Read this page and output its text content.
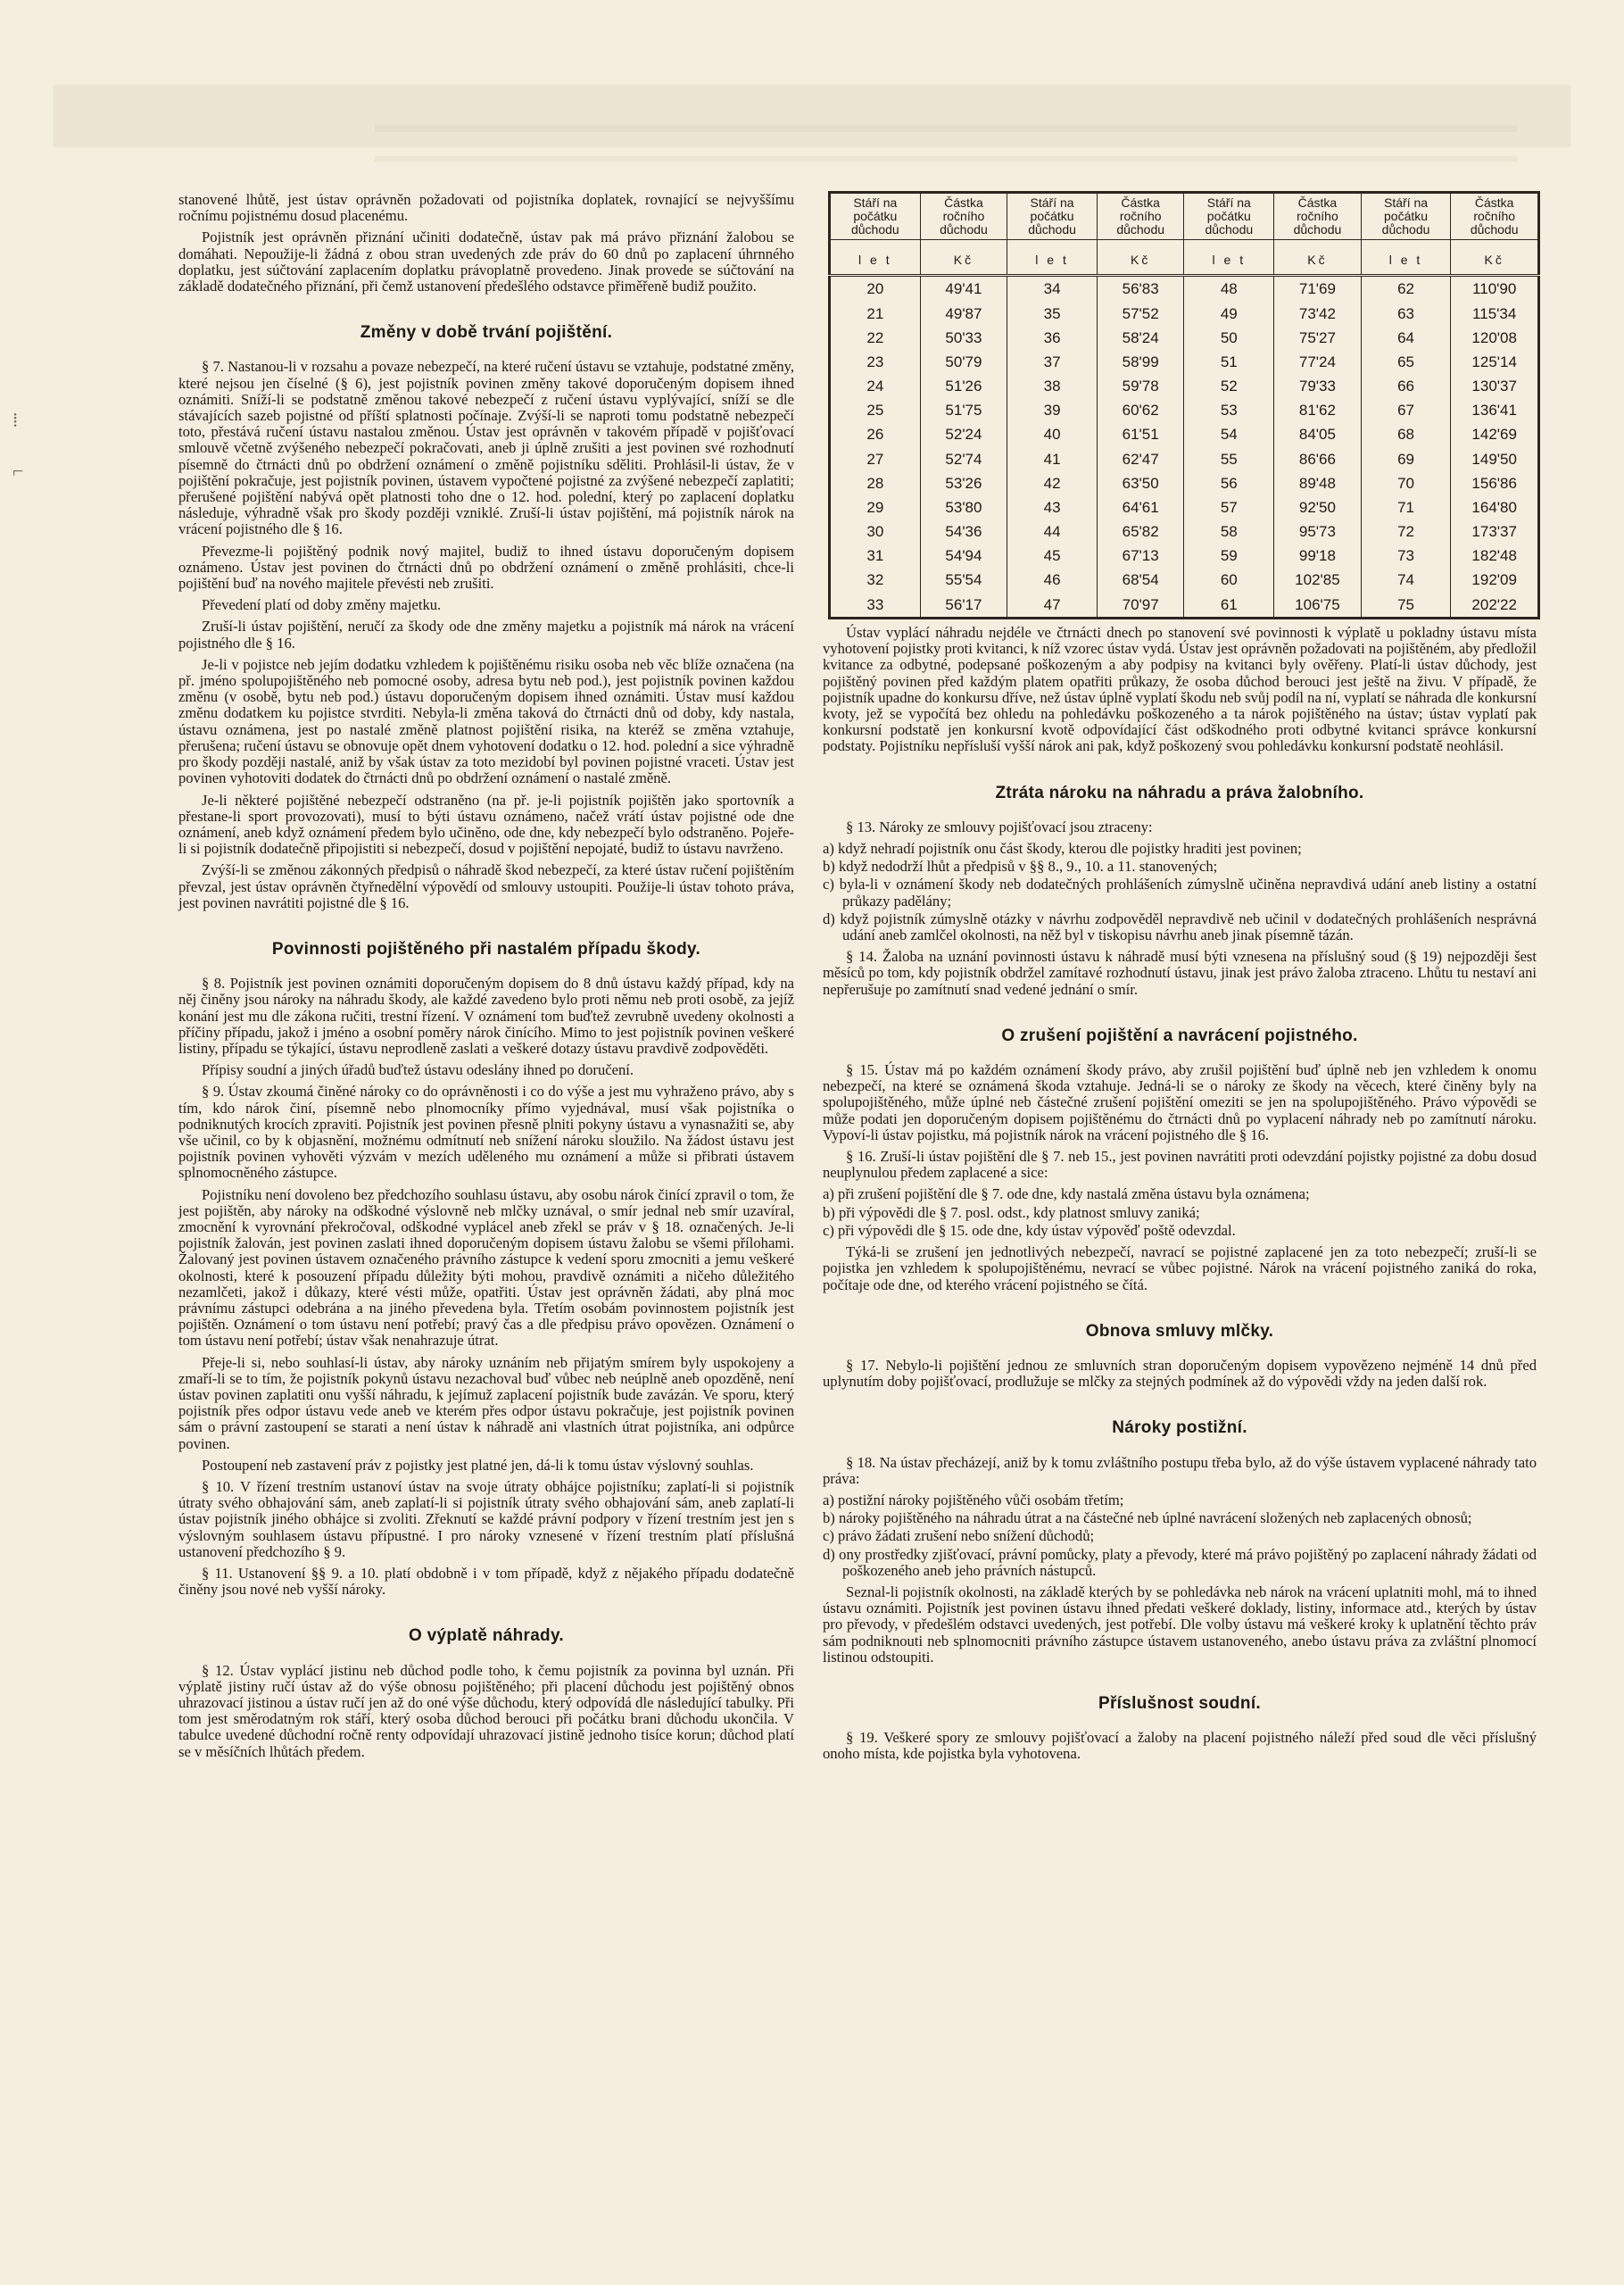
⁞
⌐

stanovené lhůtě, jest ústav oprávněn požadovati od pojistníka doplatek, rovnající se nejvyššímu ročnímu pojistnému dosud placenému.

Pojistník jest oprávněn přiznání učiniti dodatečně, ústav pak má právo přiznání žalobou se domáhati. Nepoužije-li žádná z obou stran uvedených zde práv do 60 dnů po zaplacení úhrnného doplatku, jest súčtování zaplacením doplatku právoplatně provedeno. Jinak provede se súčtování na základě dodatečného přiznání, při čemž ustanovení předešlého odstavce přiměřeně budiž použito.

Změny v době trvání pojištění.

§ 7. Nastanou-li v rozsahu a povaze nebezpečí, na které ručení ústavu se vztahuje, podstatné změny, které nejsou jen číselné (§ 6), jest pojistník povinen změny takové doporučeným dopisem ihned oznámiti. Sníží-li se podstatně změnou takové nebezpečí z ručení ústavu vyplývající, sníží se dle stávajících sazeb pojistné od příští splatnosti počínaje. Zvýší-li se naproti tomu podstatně nebezpečí toto, přestává ručení ústavu nastalou změnou. Ústav jest oprávněn v takovém případě v pojišťovací smlouvě včetně zvýšeného nebezpečí pokračovati, aneb ji úplně zrušiti a jest povinen své rozhodnutí písemně do čtrnácti dnů po obdržení oznámení o změně pojistníku sděliti. Prohlásil-li ústav, že v pojištění pokračuje, jest pojistník povinen, ústavem vypočtené pojistné za zvýšené nebezpečí zaplatiti; přerušené pojištění nabývá opět platnosti toho dne o 12. hod. polední, který po zaplacení doplatku následuje, výhradně však pro škody později vzniklé. Zruší-li ústav pojištění, má pojistník nárok na vrácení pojistného dle § 16.

Převezme-li pojištěný podnik nový majitel, budiž to ihned ústavu doporučeným dopisem oznámeno. Ústav jest povinen do čtrnácti dnů po obdržení oznámení o změně prohlásiti, chce-li pojištění buď na nového majitele převésti neb zrušiti.

Převedení platí od doby změny majetku.

Zruší-li ústav pojištění, neručí za škody ode dne změny majetku a pojistník má nárok na vrácení pojistného dle § 16.

Je-li v pojistce neb jejím dodatku vzhledem k pojištěnému risiku osoba neb věc blíže označena (na př. jméno spolupojištěného neb pomocné osoby, adresa bytu neb pod.), jest pojistník povinen každou změnu (v osobě, bytu neb pod.) ústavu doporučeným dopisem ihned oznámiti. Ústav musí každou změnu dodatkem ku pojistce stvrditi. Nebyla-li změna taková do čtrnácti dnů od doby, kdy nastala, ústavu oznámena, jest po nastalé změně platnost pojištění risika, na kteréž se změna vztahuje, přerušena; ručení ústavu se obnovuje opět dnem vyhotovení dodatku o 12. hod. polední a sice výhradně pro škody později nastalé, aniž by však ústav za toto mezidobí byl povinen pojistné vraceti. Ústav jest povinen vyhotoviti dodatek do čtrnácti dnů po obdržení oznámení o nastalé změně.

Je-li některé pojištěné nebezpečí odstraněno (na př. je-li pojistník pojištěn jako sportovník a přestane-li sport provozovati), musí to býti ústavu oznámeno, načež vrátí ústav pojistné ode dne oznámení, aneb když oznámení předem bylo učiněno, ode dne, kdy nebezpečí bylo odstraněno. Pojeře-li si pojistník dodatečně připojistiti si nebezpečí, dosud v pojištění nepojaté, budiž to ústavu navrženo.

Zvýší-li se změnou zákonných předpisů o náhradě škod nebezpečí, za které ústav ručení pojištěním převzal, jest ústav oprávněn čtyřnedělní výpovědí od smlouvy ustoupiti. Použije-li ústav tohoto práva, jest povinen navrátiti pojistné dle § 16.

Povinnosti pojištěného při nastalém případu škody.

§ 8. Pojistník jest povinen oznámiti doporučeným dopisem do 8 dnů ústavu každý případ, kdy na něj činěny jsou nároky na náhradu škody, ale každé zavedeno bylo proti němu neb proti osobě, za jejíž konání jest mu dle zákona ručiti, trestní řízení. V oznámení tom buďtež zevrubně uvedeny okolnosti a příčiny případu, jakož i jméno a osobní poměry nárok činícího. Mimo to jest pojistník povinen veškeré listiny, případu se týkající, ústavu neprodleně zaslati a veškeré dotazy ústavu pravdivě zodpověděti.

Přípisy soudní a jiných úřadů buďtež ústavu odeslány ihned po doručení.

§ 9. Ústav zkoumá činěné nároky co do oprávněnosti i co do výše a jest mu vyhraženo právo, aby s tím, kdo nárok činí, písemně nebo plnomocníky přímo vyjednával, musí však pojistníka o podniknutých krocích zpraviti. Pojistník jest povinen přesně plniti pokyny ústavu a vynasnažiti se, aby vše učinil, co by k objasnění, možnému odmítnutí neb snížení nároku sloužilo. Na žádost ústavu jest pojistník povinen vyhověti výzvám v mezích uděleného mu oznámení a může si přibrati ústavem splnomocněného zástupce.

Pojistníku není dovoleno bez předchozího souhlasu ústavu, aby osobu nárok činící zpravil o tom, že jest pojištěn, aby nároky na odškodné výslovně neb mlčky uznával, o smír jednal neb smír uzavíral, zmocnění k vyrovnání překročoval, odškodné vyplácel aneb zřekl se práv v § 18. označených. Je-li pojistník žalován, jest povinen zaslati ihned doporučeným dopisem ústavu žalobu se všemi přílohami. Žalovaný jest povinen ústavem označeného právního zástupce k vedení sporu zmocniti a jemu veškeré okolnosti, které k posouzení případu důležity býti mohou, pravdivě oznámiti a ničeho důležitého nezamlčeti, jakož i důkazy, které vésti může, opatřiti. Ústav jest oprávněn žádati, aby plná moc právnímu zástupci odebrána a na jiného převedena byla. Třetím osobám povinnostem pojistník jest pojištěn. Oznámení o tom ústavu není potřebí; pravý čas a dle předpisu právo opovězen. Oznámení o tom ústavu není potřebí; ústav však nenahrazuje útrat.

Přeje-li si, nebo souhlasí-li ústav, aby nároky uznáním neb přijatým smírem byly uspokojeny a zmaří-li se to tím, že pojistník pokynů ústavu nezachoval buď vůbec neb neúplně aneb opozděně, není ústav povinen zaplatiti onu vyšší náhradu, k jejímuž zaplacení pojistník bude zavázán. Ve sporu, který pojistník přes odpor ústavu vede aneb ve kterém přes odpor ústavu pokračuje, jest pojistník povinen sám o právní zastoupení se starati a není ústav k náhradě ani vlastních útrat pojistníka, ani odpůrce povinen.

Postoupení neb zastavení práv z pojistky jest platné jen, dá-li k tomu ústav výslovný souhlas.

§ 10. V řízení trestním ustanoví ústav na svoje útraty obhájce pojistníku; zaplatí-li si pojistník útraty svého obhajování sám, aneb zaplatí-li si pojistník útraty svého obhajování sám, aneb zaplatí-li ústav pojistník jiného obhájce si zvoliti. Zřeknutí se každé právní podpory v řízení trestním jest jen s výslovným souhlasem ústavu přípustné. I pro nároky vznesené v řízení trestním platí příslušná ustanovení předchozího § 9.

§ 11. Ustanovení §§ 9. a 10. platí obdobně i v tom případě, když z nějakého případu dodatečně činěny jsou nové neb vyšší nároky.

O výplatě náhrady.

§ 12. Ústav vyplácí jistinu neb důchod podle toho, k čemu pojistník za povinna byl uznán. Při výplatě jistiny ručí ústav až do výše obnosu pojištěného; při placení důchodu jest pojištěný obnos uhrazovací jistinou a ústav ručí jen až do oné výše důchodu, který odpovídá dle následující tabulky. Při tom jest směrodatným rok stáří, který osoba důchod berouci při počátku brani důchodu ukončila. V tabulce uvedené důchodní ročně renty odpovídají uhrazovací jistině jednoho tisíce korun; důchod platí se v měsíčních lhůtách předem.

Stáří na počátku důchodu	Částka ročního důchodu	Stáří na počátku důchodu	Částka ročního důchodu	Stáří na počátku důchodu	Částka ročního důchodu	Stáří na počátku důchodu	Částka ročního důchodu
l e t	Kč	l e t	Kč	l e t	Kč	l e t	Kč
20	49'41	34	56'83	48	71'69	62	110'90
21	49'87	35	57'52	49	73'42	63	115'34
22	50'33	36	58'24	50	75'27	64	120'08
23	50'79	37	58'99	51	77'24	65	125'14
24	51'26	38	59'78	52	79'33	66	130'37
25	51'75	39	60'62	53	81'62	67	136'41
26	52'24	40	61'51	54	84'05	68	142'69
27	52'74	41	62'47	55	86'66	69	149'50
28	53'26	42	63'50	56	89'48	70	156'86
29	53'80	43	64'61	57	92'50	71	164'80
30	54'36	44	65'82	58	95'73	72	173'37
31	54'94	45	67'13	59	99'18	73	182'48
32	55'54	46	68'54	60	102'85	74	192'09
33	56'17	47	70'97	61	106'75	75	202'22

Ústav vyplácí náhradu nejdéle ve čtrnácti dnech po stanovení své povinnosti k výplatě u pokladny ústavu místa vyhotovení pojistky proti kvitanci, k níž vzorec ústav vydá. Ústav jest oprávněn požadovati na pojištěném, aby předložil kvitance za odbytné, podepsané poškozeným a aby podpisy na kvitanci byly ověřeny. Platí-li ústav důchody, jest pojištěný povinen před každým platem opatřiti průkazy, že osoba důchod berouci jest ještě na živu. V případě, že pojistník upadne do konkursu dříve, než ústav úplně vyplatí škodu neb svůj podíl na ní, vyplatí se náhrada dle konkursní kvoty, jež se vypočítá bez ohledu na pohledávku poškozeného a ta nárok pojištěného na ústav; ústav vyplatí pak konkursní podstatě jen konkursní kvotě odpovídající část odškodného proti odbytné kvitanci správce konkursní podstaty. Pojistníku nepřísluší vyšší nárok ani pak, když poškozený svou pohledávku konkursní podstatě neohlásil.

Ztráta nároku na náhradu a práva žalobního.

§ 13. Nároky ze smlouvy pojišťovací jsou ztraceny:

a) když nehradí pojistník onu část škody, kterou dle pojistky hraditi jest povinen;
b) když nedodrží lhůt a předpisů v §§ 8., 9., 10. a 11. stanovených;
c) byla-li v oznámení škody neb dodatečných prohlášeních zúmyslně učiněna nepravdivá udání aneb listiny a ostatní průkazy padělány;
d) když pojistník zúmyslně otázky v návrhu zodpověděl nepravdivě neb učinil v dodatečných prohlášeních nesprávná udání aneb zamlčel okolnosti, na něž byl v tiskopisu návrhu aneb jinak písemně tázán.

§ 14. Žaloba na uznání povinnosti ústavu k náhradě musí býti vznesena na příslušný soud (§ 19) nejpozději šest měsíců po tom, kdy pojistník obdržel zamítavé rozhodnutí ústavu, jinak jest právo žaloba ztraceno. Lhůtu tu nestaví ani nepřerušuje po zamítnutí snad vedené jednání o smír.

O zrušení pojištění a navrácení pojistného.

§ 15. Ústav má po každém oznámení škody právo, aby zrušil pojištění buď úplně neb jen vzhledem k onomu nebezpečí, na které se oznámená škoda vztahuje. Jedná-li se o nároky ze škody na věcech, které činěny byly na spolupojištěného, může úplné neb částečné zrušení pojištění omeziti se jen na spolupojištěného. Právo výpovědi se může podati jen doporučeným dopisem pojištěnému do čtrnácti dnů po vyplacení náhrady neb po zamítnutí nároku. Vypoví-li ústav pojistku, má pojistník nárok na vrácení pojistného dle § 16.

§ 16. Zruší-li ústav pojištění dle § 7. neb 15., jest povinen navrátiti proti odevzdání pojistky pojistné za dobu dosud neuplynulou předem zaplacené a sice:

a) při zrušení pojištění dle § 7. ode dne, kdy nastalá změna ústavu byla oznámena;
b) při výpovědi dle § 7. posl. odst., kdy platnost smluvy zaniká;
c) při výpovědi dle § 15. ode dne, kdy ústav výpověď poště odevzdal.

Týká-li se zrušení jen jednotlivých nebezpečí, navrací se pojistné zaplacené jen za toto nebezpečí; zruší-li se pojistka jen vzhledem k spolupojištěnému, nevrací se vůbec pojistné. Nárok na vrácení pojistného zaniká do roka, počítaje ode dne, od kterého vrácení pojistného se čítá.

Obnova smluvy mlčky.

§ 17. Nebylo-li pojištění jednou ze smluvních stran doporučeným dopisem vypovězeno nejméně 14 dnů před uplynutím doby pojišťovací, prodlužuje se mlčky za stejných podmínek až do výpovědi vždy na jeden další rok.

Nároky postižní.

§ 18. Na ústav přecházejí, aniž by k tomu zvláštního postupu třeba bylo, až do výše ústavem vyplacené náhrady tato práva:

a) postižní nároky pojištěného vůči osobám třetím;
b) nároky pojištěného na náhradu útrat a na částečné neb úplné navrácení složených neb zaplacených obnosů;
c) právo žádati zrušení nebo snížení důchodů;
d) ony prostředky zjišťovací, právní pomůcky, platy a převody, které má právo pojištěný po zaplacení náhrady žádati od poškozeného aneb jeho právních nástupců.

Seznal-li pojistník okolnosti, na základě kterých by se pohledávka neb nárok na vrácení uplatniti mohl, má to ihned ústavu oznámiti. Pojistník jest povinen ústavu ihned předati veškeré doklady, listiny, informace atd., kterých by ústav pro převody, v předešlém odstavci uvedených, jest potřebí. Dle volby ústavu má veškeré kroky k uplatnění těchto práv sám podniknouti neb splnomocniti právního zástupce ústavem ustanoveného, anebo ústavu práva za zvláštní plnomocí listinou odstoupiti.

Příslušnost soudní.

§ 19. Veškeré spory ze smlouvy pojišťovací a žaloby na placení pojistného náleží před soud dle věci příslušný onoho místa, kde pojistka byla vyhotovena.
